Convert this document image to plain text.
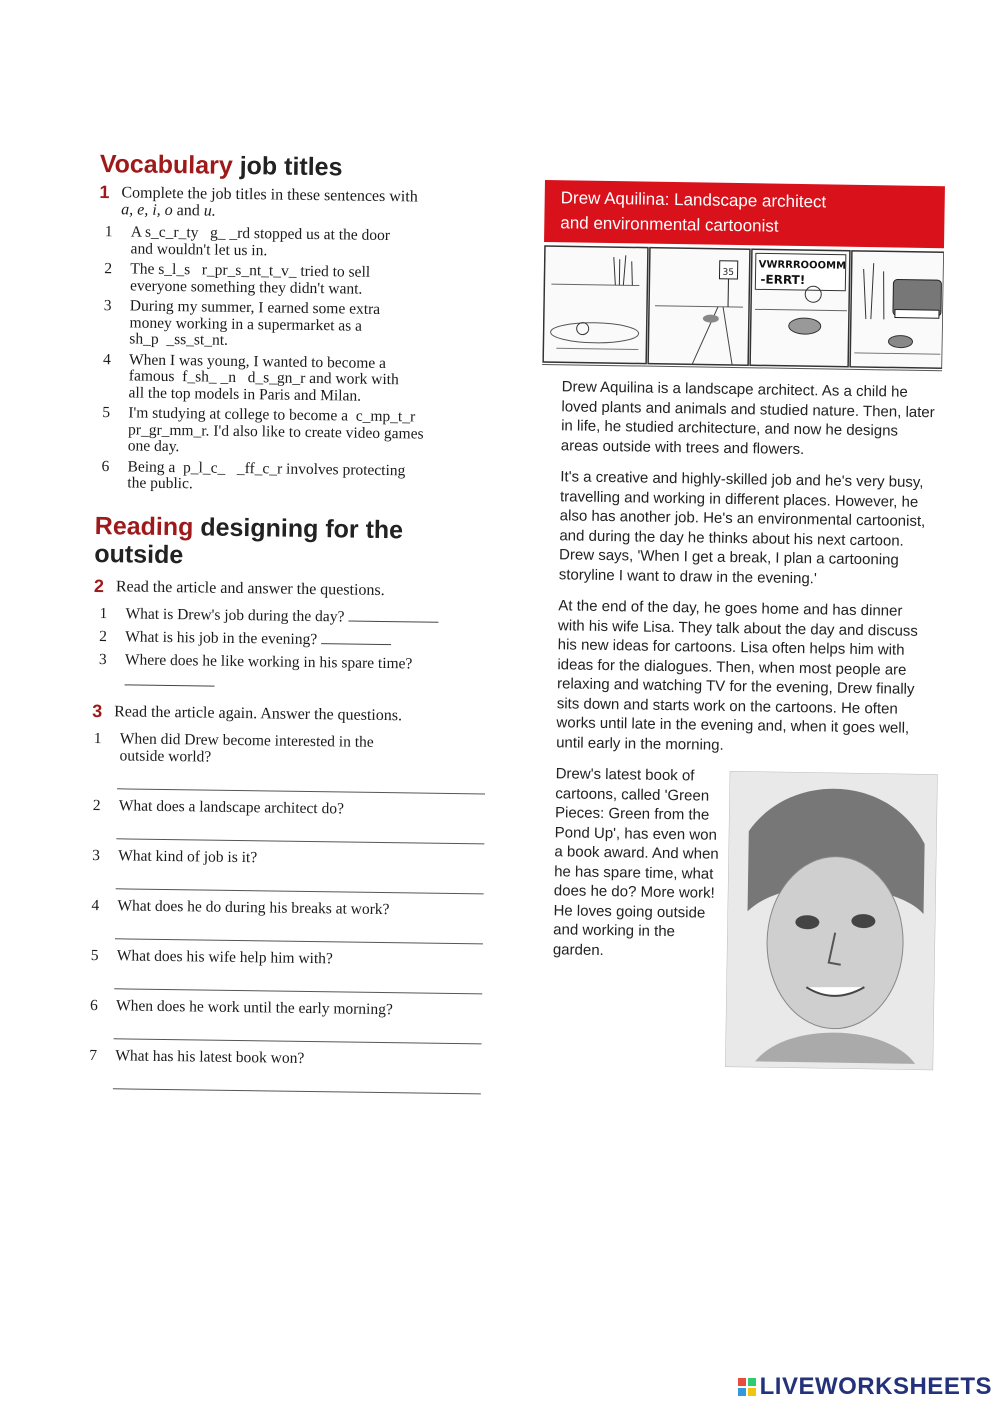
Vocabulary job titles
1 Complete the job titles in these sentences with
a, e, i, o and u.
1	A s_c_r_ty   g_ _rd stopped us at the door
and wouldn't let us in.
2	The s_l_s   r_pr_s_nt_t_v_ tried to sell
everyone something they didn't want.
3	During my summer, I earned some extra
money working in a supermarket as a
sh_p  _ss_st_nt.
4	When I was young, I wanted to become a
famous  f_sh_ _n   d_s_gn_r and work with
all the top models in Paris and Milan.
5	I'm studying at college to become a  c_mp_t_r
pr_gr_mm_r. I'd also like to create video games
one day.
6	Being a  p_l_c_   _ff_c_r involves protecting
the public.
Reading designing for the
outside
2 Read the article and answer the questions.
1	What is Drew's job during the day?
2	What is his job in the evening?
3	Where does he like working in his spare time?

3 Read the article again. Answer the questions.
1	When did Drew become interested in the
outside world?
2	What does a landscape architect do?
3	What kind of job is it?
4	What does he do during his breaks at work?
5	What does his wife help him with?
6	When does he work until the early morning?
7	What has his latest book won?
Drew Aquilina: Landscape architect
and environmental cartoonist
35
VWRRROOOMM
-ERRT!

Drew Aquilina is a landscape architect. As a child he loved plants and animals and studied nature. Then, later in life, he studied architecture, and now he designs areas outside with trees and flowers.

It's a creative and highly-skilled job and he's very busy, travelling and working in different places. However, he also has another job. He's an environmental cartoonist, and during the day he thinks about his next cartoon. Drew says, 'When I get a break, I plan a cartooning storyline I want to draw in the evening.'

At the end of the day, he goes home and has dinner with his wife Lisa. They talk about the day and discuss his new ideas for cartoons. Lisa often helps him with ideas for the dialogues. Then, when most people are relaxing and watching TV for the evening, Drew finally sits down and starts work on the cartoons. He often works until late in the evening and, when it goes well, until early in the morning.

Drew's latest book of cartoons, called 'Green Pieces: Green from the Pond Up', has even won a book award. And when he has spare time, what does he do? More work! He loves going outside and working in the garden.

LIVEWORKSHEETS
